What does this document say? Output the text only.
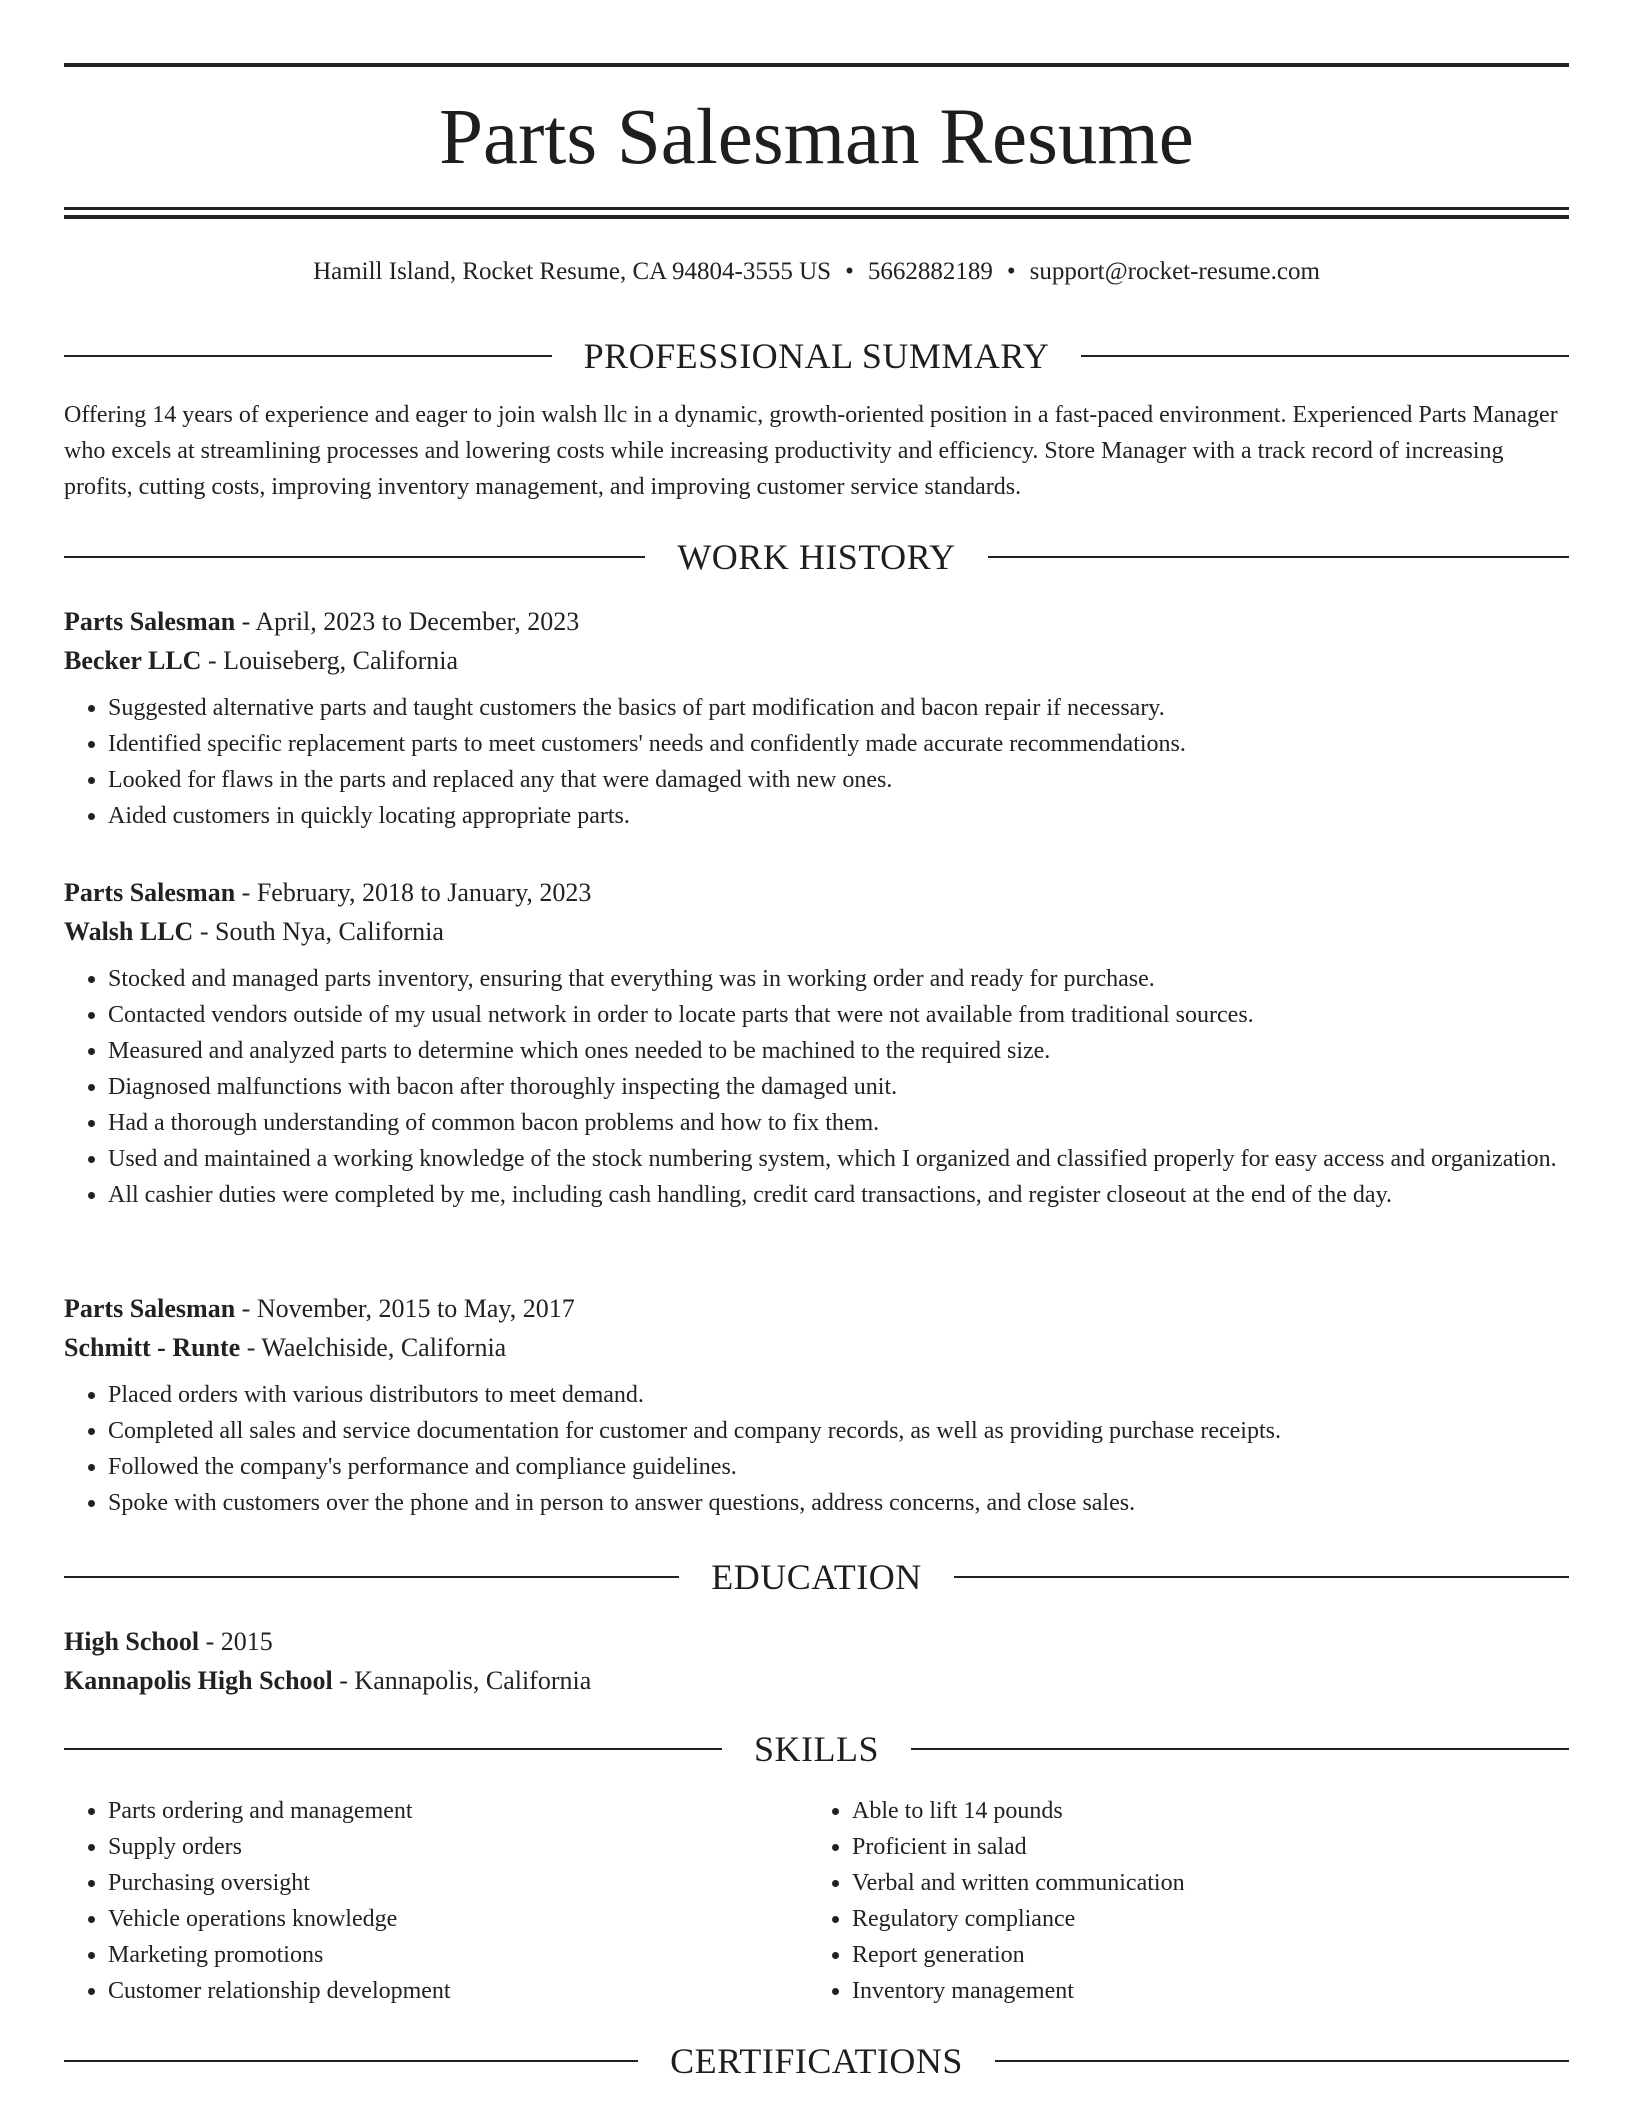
Parts Salesman Resume
Hamill Island, Rocket Resume, CA 94804-3555 US • 5662882189 • support@rocket-resume.com
PROFESSIONAL SUMMARY

Offering 14 years of experience and eager to join walsh llc in a dynamic, growth-oriented position in a fast-paced environment. Experienced Parts Manager who excels at streamlining processes and lowering costs while increasing productivity and efficiency. Store Manager with a track record of increasing profits, cutting costs, improving inventory management, and improving customer service standards.

WORK HISTORY

Parts Salesman - April, 2023 to December, 2023

Becker LLC - Louiseberg, California

• Suggested alternative parts and taught customers the basics of part modification and bacon repair if necessary.
• Identified specific replacement parts to meet customers' needs and confidently made accurate recommendations.
• Looked for flaws in the parts and replaced any that were damaged with new ones.
• Aided customers in quickly locating appropriate parts.

Parts Salesman - February, 2018 to January, 2023

Walsh LLC - South Nya, California

• Stocked and managed parts inventory, ensuring that everything was in working order and ready for purchase.
• Contacted vendors outside of my usual network in order to locate parts that were not available from traditional sources.
• Measured and analyzed parts to determine which ones needed to be machined to the required size.
• Diagnosed malfunctions with bacon after thoroughly inspecting the damaged unit.
• Had a thorough understanding of common bacon problems and how to fix them.
• Used and maintained a working knowledge of the stock numbering system, which I organized and classified properly for easy access and organization.
• All cashier duties were completed by me, including cash handling, credit card transactions, and register closeout at the end of the day.

Parts Salesman - November, 2015 to May, 2017

Schmitt - Runte - Waelchiside, California

• Placed orders with various distributors to meet demand.
• Completed all sales and service documentation for customer and company records, as well as providing purchase receipts.
• Followed the company's performance and compliance guidelines.
• Spoke with customers over the phone and in person to answer questions, address concerns, and close sales.
EDUCATION

High School - 2015

Kannapolis High School - Kannapolis, California

SKILLS
• Parts ordering and management
• Supply orders
• Purchasing oversight
• Vehicle operations knowledge
• Marketing promotions
• Customer relationship development
• Able to lift 14 pounds
• Proficient in salad
• Verbal and written communication
• Regulatory compliance
• Report generation
• Inventory management
CERTIFICATIONS
